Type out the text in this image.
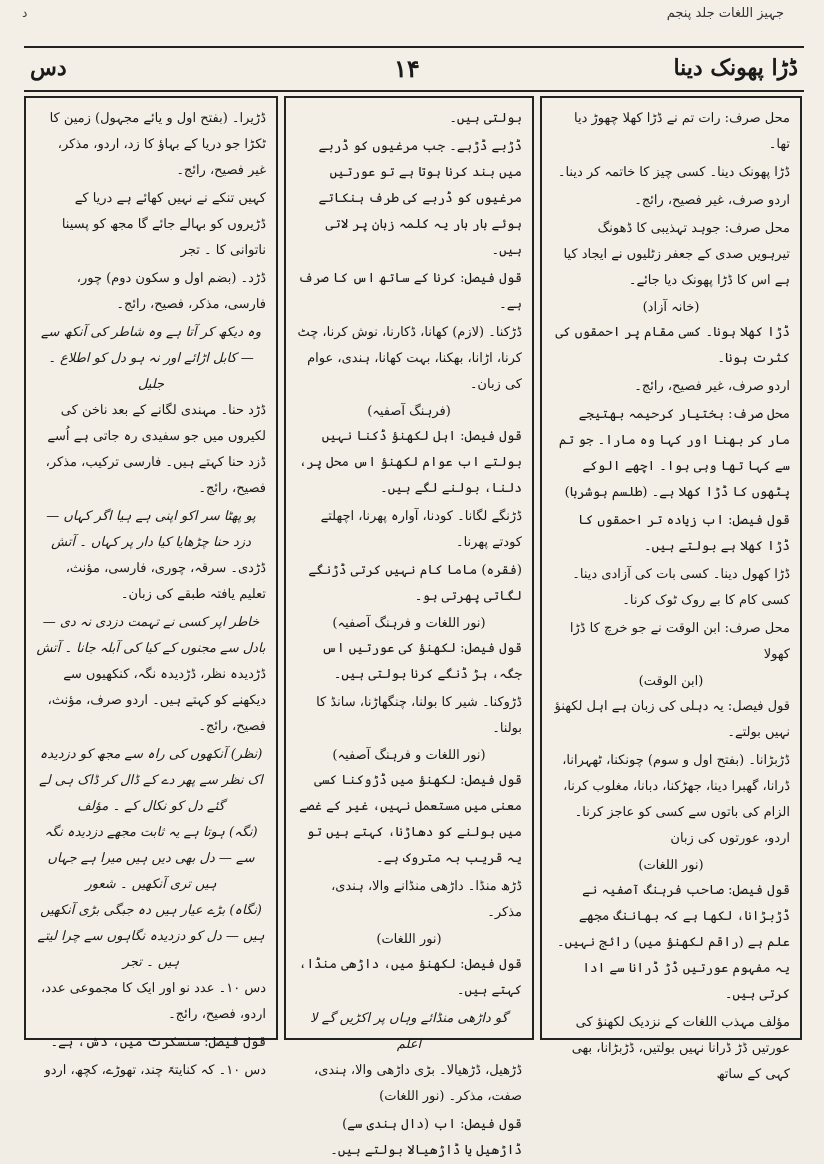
جہیز اللغات جلد پنجم
د
ڈڑا پھونک دینا
۱۴
دس
محل صرف: رات تم نے ڈڑا کھلا چھوڑ دیا تھا۔
ڈڑا پھونک دینا۔ کسی چیز کا خاتمہ کر دینا۔
اردو صرف، غیر فصیح، رائج۔
محل صرف: جوہد تہذیبی کا ڈھونگ تیرہویں صدی کے جعفر زٹلیوں نے ایجاد کیا ہے اس کا ڈڑا پھونک دیا جائے۔
(خانہ آزاد)
ڈڑا کھلا ہونا۔ کسی مقام پر احمقوں کی کثرت ہونا۔
اردو صرف، غیر فصیح، رائج۔
محل صرف: بختیار کرحیمہ بھتیجے مار کر بھنا اور کہا وہ مارا۔ جو تم سے کہا تھا وہی ہوا۔ اچھے الوکے پٹھوں کا ڈڑا کھلا ہے۔ (طلسم ہوشربا)
قول فیصل: اب زیادہ تر احمقوں کا ڈڑا کھلا ہے بولتے ہیں۔
ڈڑا کھول دینا۔ کسی بات کی آزادی دینا۔ کسی کام کا بے روک ٹوک کرنا۔
محل صرف: ابن الوقت نے جو خرچ کا ڈڑا کھولا
(ابن الوقت)
قول فیصل: یہ دہلی کی زبان ہے اہل لکھنؤ نہیں بولتے۔
ڈڑبڑانا۔ (بفتح اول و سوم) چونکنا، ٹھہرانا، ڈرانا، گھبرا دینا، جھڑکنا، دبانا، مغلوب کرنا، الزام کی باتوں سے کسی کو عاجز کرنا۔ اردو، عورتوں کی زبان
(نور اللغات)
قول فیصل: صاحب فرہنگ آصفیہ نے ڈڑبڑانا، لکھا ہے کہ بھاننگ مجھے علم ہے (راقم لکھنؤ میں) رائج نہیں۔ یہ مفہوم عورتیں ڈڑ ڈرانا سے ادا کرتی ہیں۔
مؤلف مہذب اللغات کے نزدیک لکھنؤ کی عورتیں ڈڑ ڈرانا نہیں بولتیں، ڈڑبڑانا، بھی کہی کے ساتھ
بولتی ہیں۔
ڈڑبے ڈڑبے۔ جب مرغیوں کو ڈربے میں بند کرنا ہوتا ہے تو عورتیں مرغیوں کو ڈربے کی طرف ہنکاتے ہوئے بار بار یہ کلمہ زبان پر لاتی ہیں۔
قول فیصل: کرنا کے ساتھ اس کا صرف ہے۔
ڈڑکنا۔ (لازم) کھانا، ڈکارنا، نوش کرنا، چٹ کرنا، اڑانا، بھکنا، بہت کھانا، ہندی، عوام کی زبان۔
(فرہنگ آصفیہ)
قول فیصل: اہل لکھنؤ ڈکنا نہیں بولتے اب عوام لکھنؤ اس محل پر، دلنا، بولنے لگے ہیں۔
ڈڑنگے لگانا۔ کودنا، آوارہ پھرنا، اچھلتے کودتے پھرنا۔
(فقرہ) ماما کام نہیں کرتی ڈڑنگے لگاتی پھرتی ہو۔
(نور اللغات و فرہنگ آصفیہ)
قول فیصل: لکھنؤ کی عورتیں اس جگہ، ہڑ ڈنگے کرنا بولتی ہیں۔
ڈڑوکنا۔ شیر کا بولنا، چنگھاڑنا، سانڈ کا بولنا۔
(نور اللغات و فرہنگ آصفیہ)
قول فیصل: لکھنؤ میں ڈڑوکنا کسی معنی میں مستعمل نہیں، غیر کے غصے میں بولنے کو دھاڑنا، کہتے ہیں تو یہ قریب بہ متروک ہے۔
ڈڑھ منڈا۔ داڑھی منڈانے والا، ہندی، مذکر۔
(نور اللغات)
قول فیصل: لکھنؤ میں، داڑھی منڈا، کہتے ہیں۔
گو داڑھی منڈائے وہاں پر اکڑیں گے لا اعلم
ڈڑھیل، ڈڑھیالا۔ بڑی داڑھی والا، ہندی، صفت، مذکر۔ (نور اللغات)
قول فیصل: اب (دال ہندی سے) ڈاڑھیل یا ڈاڑھیالا بولتے ہیں۔
ڈڑیرا۔ (بفتح اول و یائے مجہول) زمین کا ٹکڑا جو دریا کے بہاؤ کا زد، اردو، مذکر، غیر فصیح، رائج۔
کہیں تنکے نے نہیں کھائے ہے دریا کے ڈڑیروں کو بہالے جائے گا مجھ کو پسینا ناتوانی کا ۔ تجر
ڈڑد۔ (بضم اول و سکون دوم) چور، فارسی، مذکر، فصیح، رائج۔
وہ دیکھ کر آتا ہے وہ شاطر کی آنکھ سے — کابل اڑائے اور نہ ہو دل کو اطلاع ۔ جلیل
ڈڑد حنا۔ مہندی لگانے کے بعد ناخن کی لکیروں میں جو سفیدی رہ جاتی ہے اُسے ڈزد حنا کہتے ہیں۔ فارسی ترکیب، مذکر، فصیح، رائج۔
پو پھٹا سر اکو اپنی ہے ہیا اگر کہاں — دزد حنا چڑھایا کیا دار پر کہاں ۔ آتش
ڈڑدی۔ سرقہ، چوری، فارسی، مؤنث، تعلیم یافتہ طبقے کی زبان۔
خاطر اپر کسی نے تہمت دزدی نہ دی — بادل سے مجنوں کے کیا کی آبلہ جانا ۔ آتش
ڈڑدیدہ نظر، ڈڑدیدہ نگہ، کنکھیوں سے دیکھنے کو کہتے ہیں۔ اردو صرف، مؤنث، فصیح، رائج۔
(نظر) آنکھوں کی راہ سے مجھ کو دزدیدہ اک نظر سے پھر دے کے ڈال کر ڈاک ہی لے گئے دل کو نکال کے ۔ مؤلف
(نگہ) ہوتا ہے یہ ثابت مجھے دزدیدہ نگہ سے — دل بھی دیں ہیں میرا ہے جہاں ہیں تری آنکھیں ۔ شعور
(نگاہ) بڑے عیار ہیں دہ جبگی بڑی آنکھیں ہیں — دل کو دزدیدہ نگاہوں سے چرا لیتے ہیں ۔ تجر
دس ۱۰۔ عدد نو اور ایک کا مجموعی عدد، اردو، فصیح، رائج۔
قول فیصل: سنسکرت میں، دش، ہے۔
دس ۱۰۔ کہ کنایتہً چند، تھوڑے، کچھ، اردو
